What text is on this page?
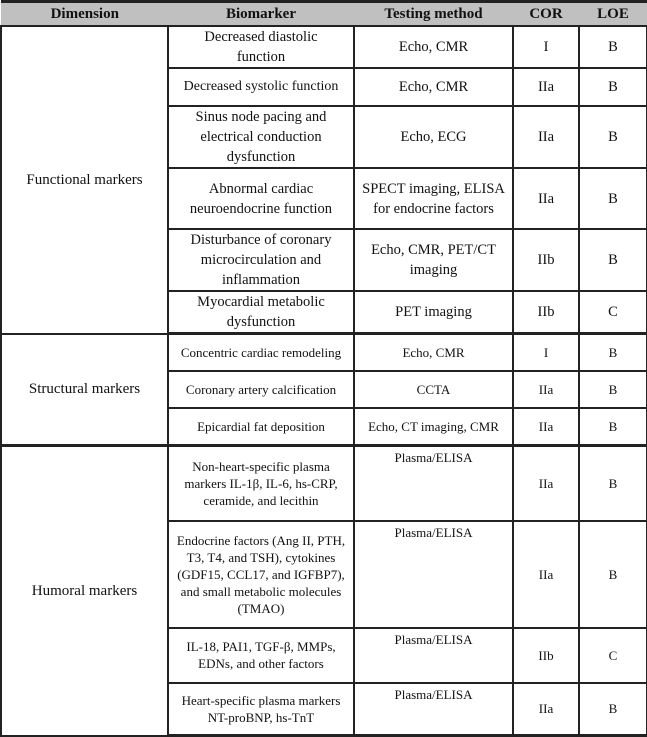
Dimension	Biomarker	Testing method	COR	LOE
Functional markers	Decreased diastolic function	Echo, CMR	I	B
	Decreased systolic function	Echo, CMR	IIa	B
	Sinus node pacing and electrical conduction dysfunction	Echo, ECG	IIa	B
	Abnormal cardiac neuroendocrine function	SPECT imaging, ELISA for endocrine factors	IIa	B
	Disturbance of coronary microcirculation and inflammation	Echo, CMR, PET/CT imaging	IIb	B
	Myocardial metabolic dysfunction	PET imaging	IIb	C
Structural markers	Concentric cardiac remodeling	Echo, CMR	I	B
	Coronary artery calcification	CCTA	IIa	B
	Epicardial fat deposition	Echo, CT imaging, CMR	IIa	B
Humoral markers	Non-heart-specific plasma markers IL-1β, IL-6, hs-CRP, ceramide, and lecithin	Plasma/ELISA	IIa	B
	Endocrine factors (Ang II, PTH, T3, T4, and TSH), cytokines (GDF15, CCL17, and IGFBP7), and small metabolic molecules (TMAO)	Plasma/ELISA	IIa	B
	IL-18, PAI1, TGF-β, MMPs, EDNs, and other factors	Plasma/ELISA	IIb	C
	Heart-specific plasma markers NT-proBNP, hs-TnT	Plasma/ELISA	IIa	B
